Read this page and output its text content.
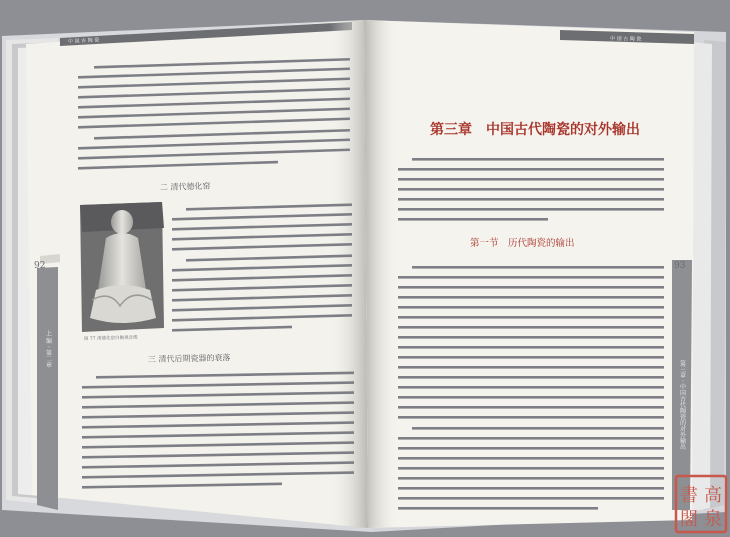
中 国 古 陶 瓷	中 国 古 陶 瓷
92	93
上 编 · 第二章
第三章 · 中国古代陶瓷的对外输出
二 清代德化窑
图 77 清德化窑白釉观音像
三 清代后期瓷器的衰落
第三章　中国古代陶瓷的对外输出
第一节　历代陶瓷的输出
高
書
泉
閣
